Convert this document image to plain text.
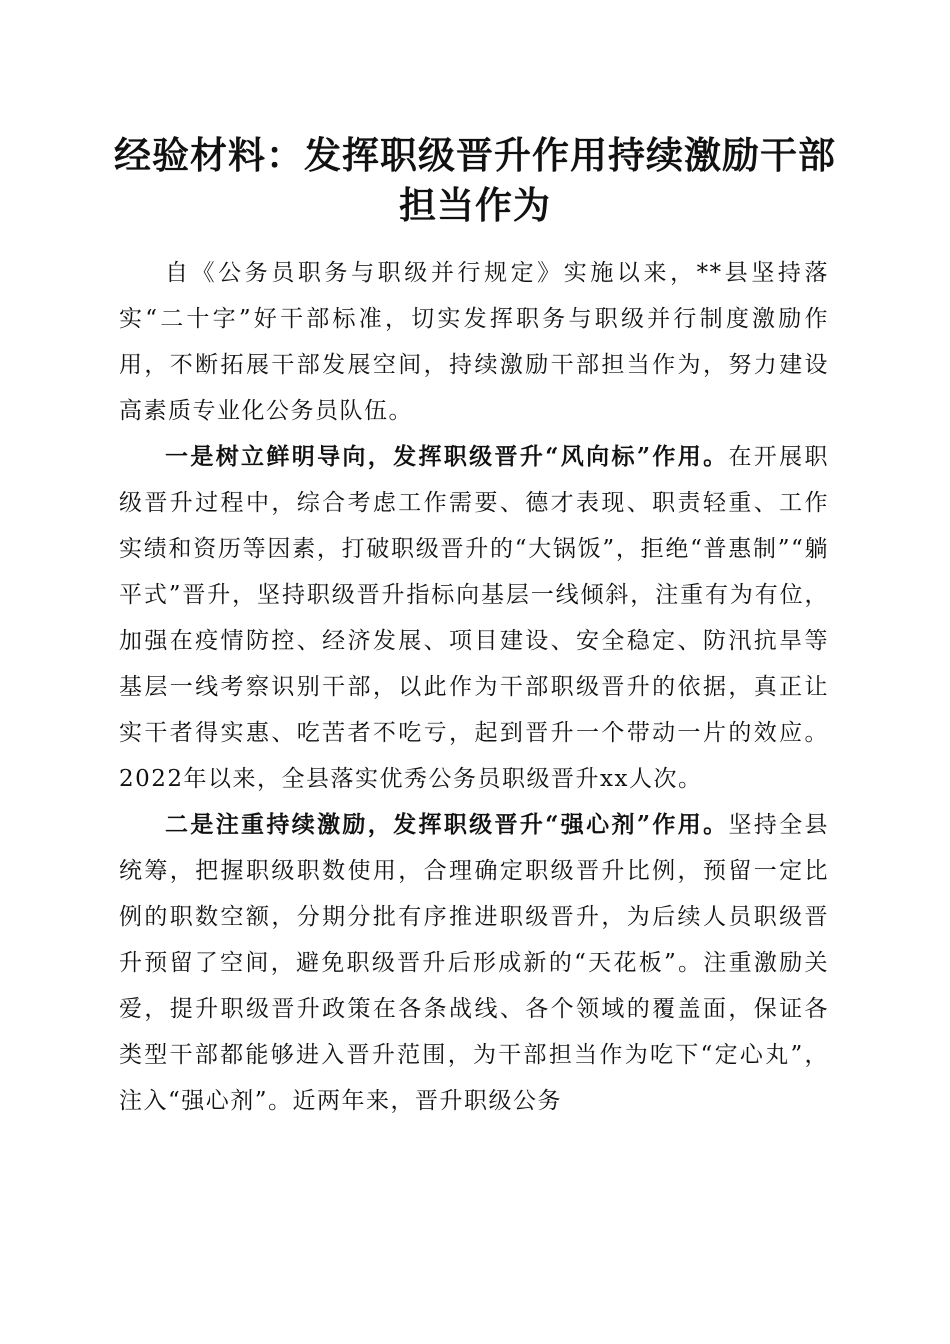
经验材料：发挥职级晋升作用持续激励干部担当作为

自《公务员职务与职级并行规定》实施以来，**县坚持落实“二十字”好干部标准，切实发挥职务与职级并行制度激励作用，不断拓展干部发展空间，持续激励干部担当作为，努力建设高素质专业化公务员队伍。

一是树立鲜明导向，发挥职级晋升“风向标”作用。在开展职级晋升过程中，综合考虑工作需要、德才表现、职责轻重、工作实绩和资历等因素，打破职级晋升的“大锅饭”，拒绝“普惠制”“躺平式”晋升，坚持职级晋升指标向基层一线倾斜，注重有为有位，加强在疫情防控、经济发展、项目建设、安全稳定、防汛抗旱等基层一线考察识别干部，以此作为干部职级晋升的依据，真正让实干者得实惠、吃苦者不吃亏，起到晋升一个带动一片的效应。2022年以来，全县落实优秀公务员职级晋升xx人次。

二是注重持续激励，发挥职级晋升“强心剂”作用。坚持全县统筹，把握职级职数使用，合理确定职级晋升比例，预留一定比例的职数空额，分期分批有序推进职级晋升，为后续人员职级晋升预留了空间，避免职级晋升后形成新的“天花板”。注重激励关爱，提升职级晋升政策在各条战线、各个领域的覆盖面，保证各类型干部都能够进入晋升范围，为干部担当作为吃下“定心丸”，注入“强心剂”。近两年来，晋升职级公务
